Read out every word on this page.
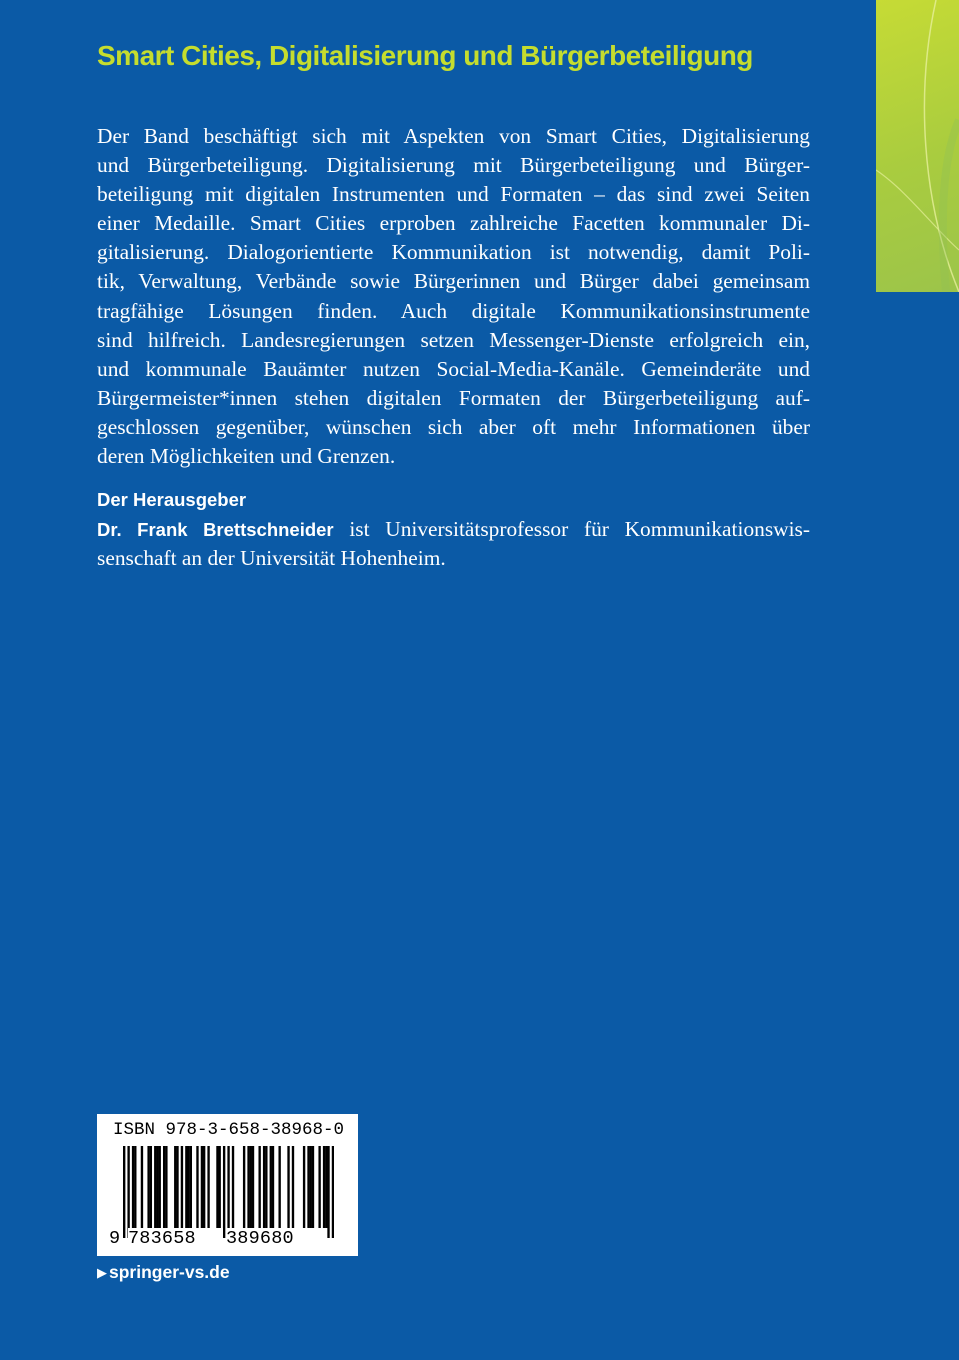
Smart Cities, Digitalisierung und Bürgerbeteiligung

Der Band beschäftigt sich mit Aspekten von Smart Cities, Digitalisierung
und Bürgerbeteiligung. Digitalisierung mit Bürgerbeteiligung und Bürger-
beteiligung mit digitalen Instrumenten und Formaten – das sind zwei Seiten
einer Medaille. Smart Cities erproben zahlreiche Facetten kommunaler Di-
gitalisierung. Dialogorientierte Kommunikation ist notwendig, damit Poli-
tik, Verwaltung, Verbände sowie Bürgerinnen und Bürger dabei gemeinsam
tragfähige Lösungen finden. Auch digitale Kommunikationsinstrumente
sind hilfreich. Landesregierungen setzen Messenger-Dienste erfolgreich ein,
und kommunale Bauämter nutzen Social-Media-Kanäle. Gemeinderäte und
Bürgermeister*innen stehen digitalen Formaten der Bürgerbeteiligung auf-
geschlossen gegenüber, wünschen sich aber oft mehr Informationen über
deren Möglichkeiten und Grenzen.

Der Herausgeber

Dr. Frank Brettschneider ist Universitätsprofessor für Kommunikationswis-
senschaft an der Universität Hohenheim.

ISBN 978-3-658-38968-0
9 783658	389680
▶ springer-vs.de
